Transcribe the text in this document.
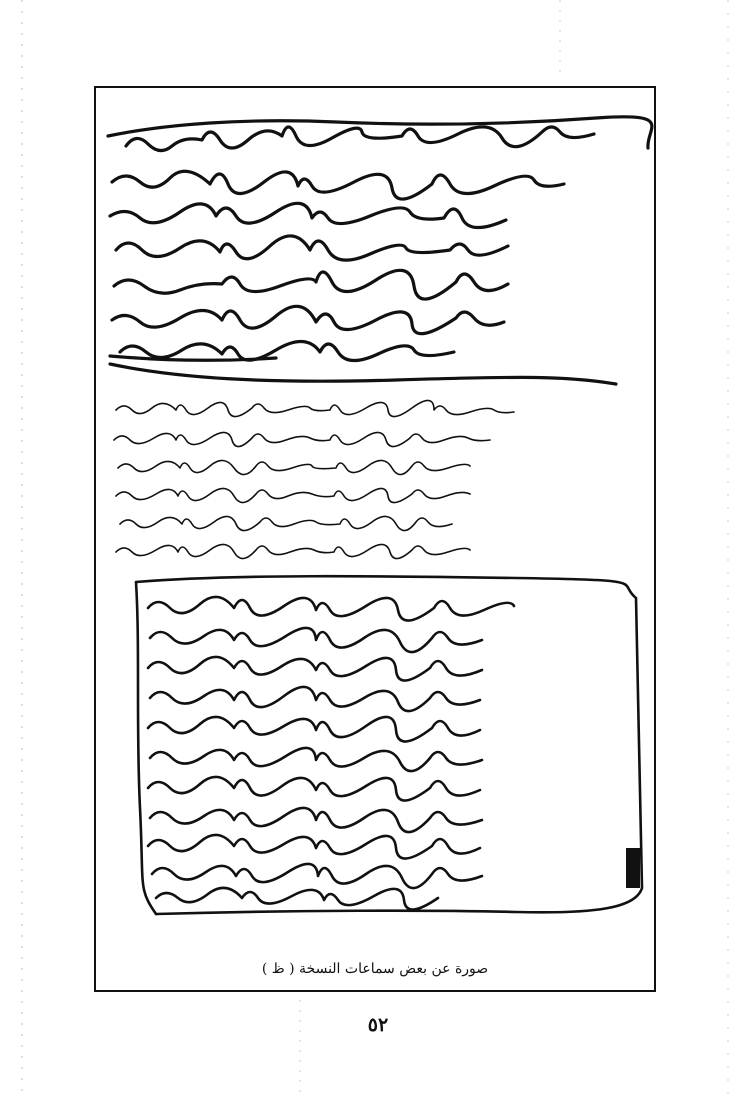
صورة عن بعض سماعات النسخة ( ظ )
٥٢
